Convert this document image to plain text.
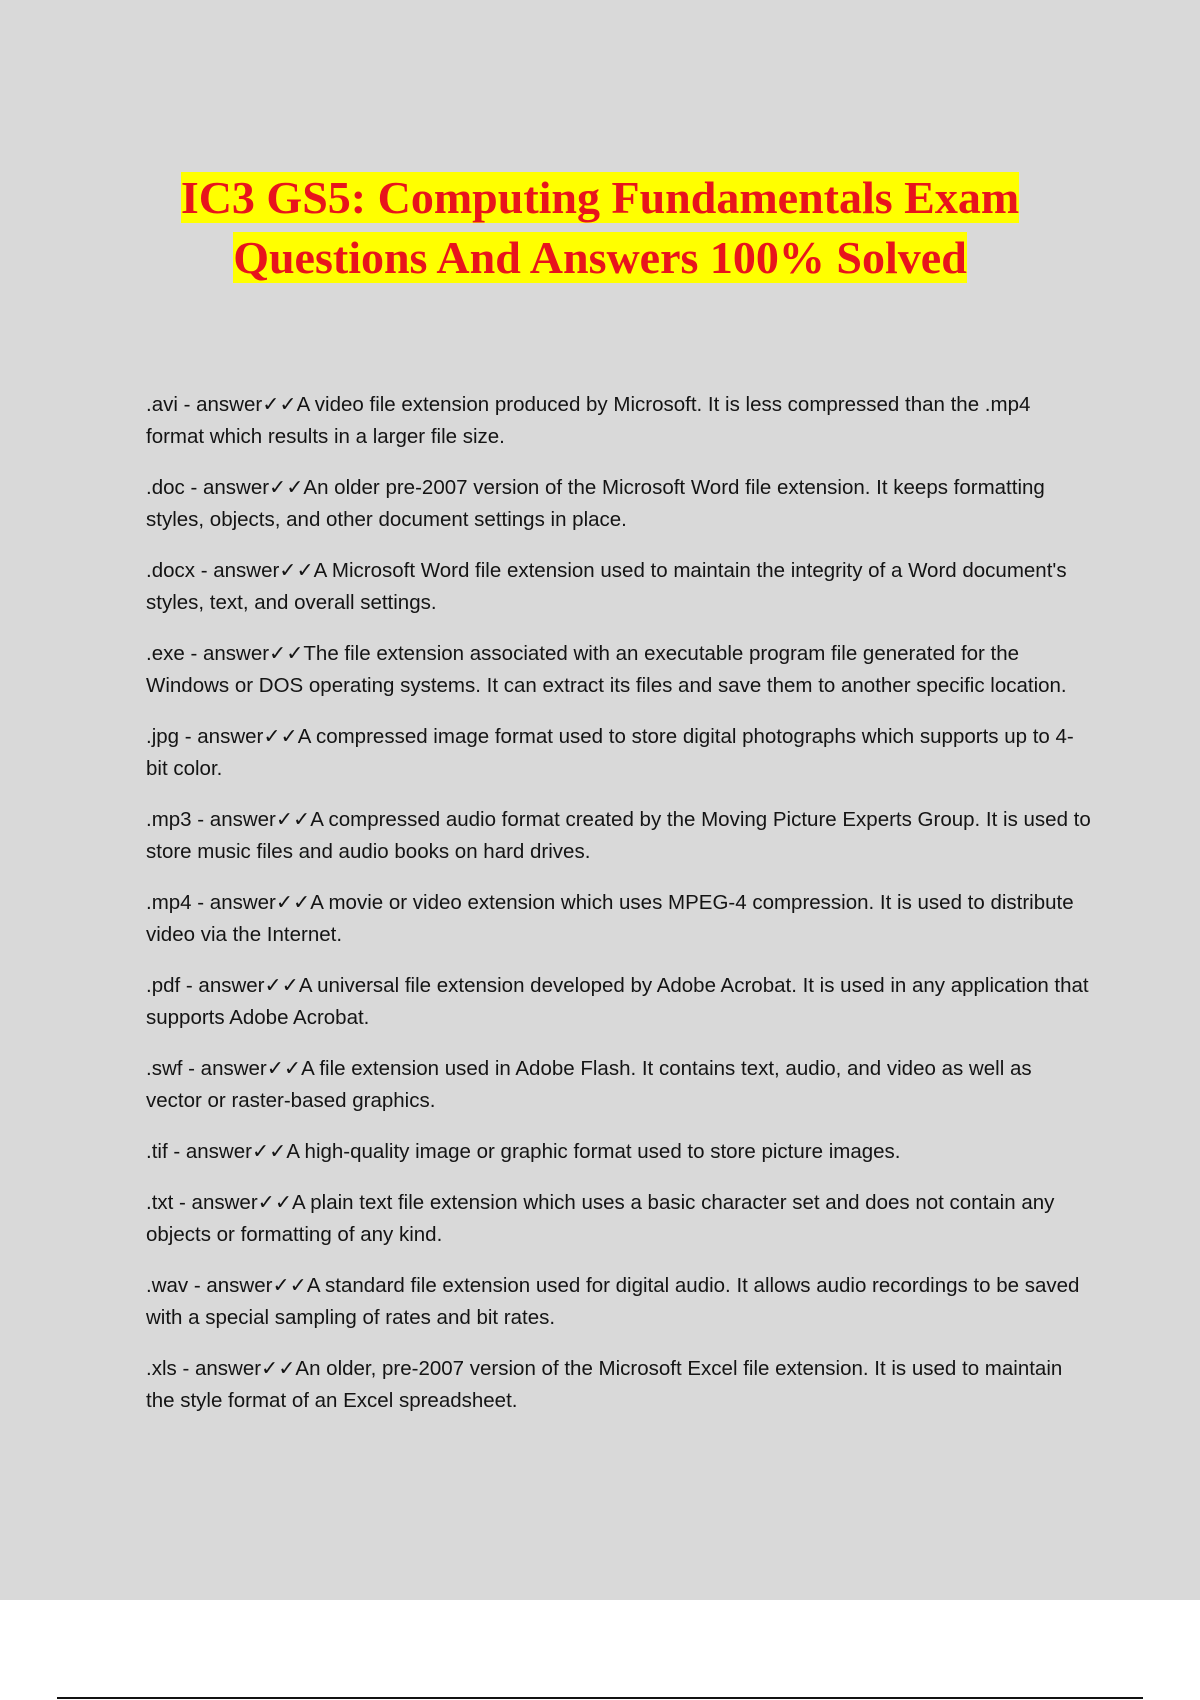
IC3 GS5: Computing Fundamentals Exam
Questions And Answers 100% Solved
.avi - answer✓✓A video file extension produced by Microsoft. It is less compressed than the .mp4 format which results in a larger file size.
.doc - answer✓✓An older pre-2007 version of the Microsoft Word file extension. It keeps formatting styles, objects, and other document settings in place.
.docx - answer✓✓A Microsoft Word file extension used to maintain the integrity of a Word document's styles, text, and overall settings.
.exe - answer✓✓The file extension associated with an executable program file generated for the Windows or DOS operating systems. It can extract its files and save them to another specific location.
.jpg - answer✓✓A compressed image format used to store digital photographs which supports up to 4-bit color.
.mp3 - answer✓✓A compressed audio format created by the Moving Picture Experts Group. It is used to store music files and audio books on hard drives.
.mp4 - answer✓✓A movie or video extension which uses MPEG-4 compression. It is used to distribute video via the Internet.
.pdf - answer✓✓A universal file extension developed by Adobe Acrobat. It is used in any application that supports Adobe Acrobat.
.swf - answer✓✓A file extension used in Adobe Flash. It contains text, audio, and video as well as vector or raster-based graphics.
.tif - answer✓✓A high-quality image or graphic format used to store picture images.
.txt - answer✓✓A plain text file extension which uses a basic character set and does not contain any objects or formatting of any kind.
.wav - answer✓✓A standard file extension used for digital audio. It allows audio recordings to be saved with a special sampling of rates and bit rates.
.xls - answer✓✓An older, pre-2007 version of the Microsoft Excel file extension. It is used to maintain the style format of an Excel spreadsheet.
